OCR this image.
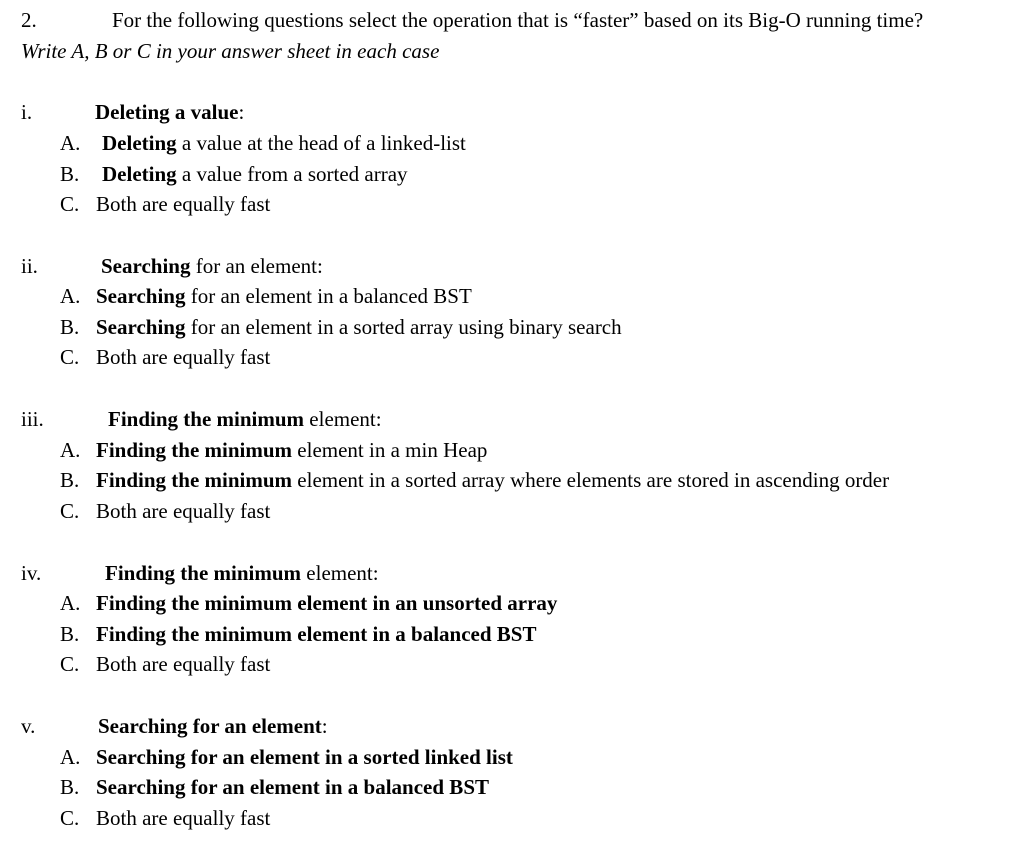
2.	For the following questions select the operation that is “faster” based on its Big-O running time?
Write A, B or C in your answer sheet in each case
i.	Deleting a value:
A. Deleting a value at the head of a linked-list
B. Deleting a value from a sorted array
C. Both are equally fast
ii.	Searching for an element:
A. Searching for an element in a balanced BST
B. Searching for an element in a sorted array using binary search
C. Both are equally fast
iii.	Finding the minimum element:
A. Finding the minimum element in a min Heap
B. Finding the minimum element in a sorted array where elements are stored in ascending order
C. Both are equally fast
iv.	Finding the minimum element:
A. Finding the minimum element in an unsorted array
B. Finding the minimum element in a balanced BST
C. Both are equally fast
v.	Searching for an element:
A. Searching for an element in a sorted linked list
B. Searching for an element in a balanced BST
C. Both are equally fast
